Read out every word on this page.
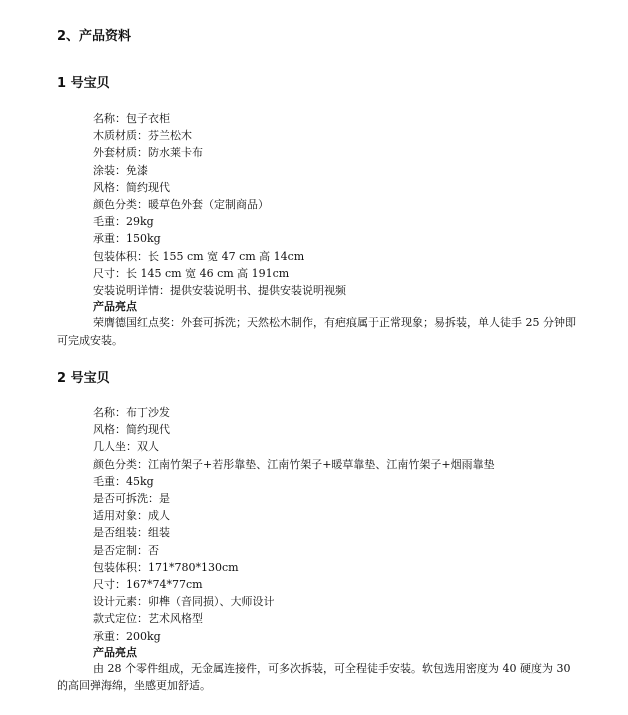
2、产品资料
1 号宝贝
名称：包子衣柜
木质材质：芬兰松木
外套材质：防水莱卡布
涂装：免漆
风格：简约现代
颜色分类：暖草色外套（定制商品）
毛重：29kg
承重：150kg
包装体积：长 155 cm 宽 47 cm 高 14cm
尺寸：长 145 cm 宽 46 cm 高 191cm
安装说明详情：提供安装说明书、提供安装说明视频
产品亮点
荣膺德国红点奖：外套可拆洗；天然松木制作，有疤痕属于正常现象；易拆装，单人徒手 25 分钟即可完成安装。
2 号宝贝
名称：布丁沙发
风格：简约现代
几人坐：双人
颜色分类：江南竹架子+若彤靠垫、江南竹架子+暖草靠垫、江南竹架子+烟雨靠垫
毛重：45kg
是否可拆洗：是
适用对象：成人
是否组装：组装
是否定制：否
包装体积：171*780*130cm
尺寸：167*74*77cm
设计元素：卯榫（音同损）、大师设计
款式定位：艺术风格型
承重：200kg
产品亮点
由 28 个零件组成，无金属连接件，可多次拆装，可全程徒手安装。软包选用密度为 40 硬度为 30 的高回弹海绵，坐感更加舒适。
